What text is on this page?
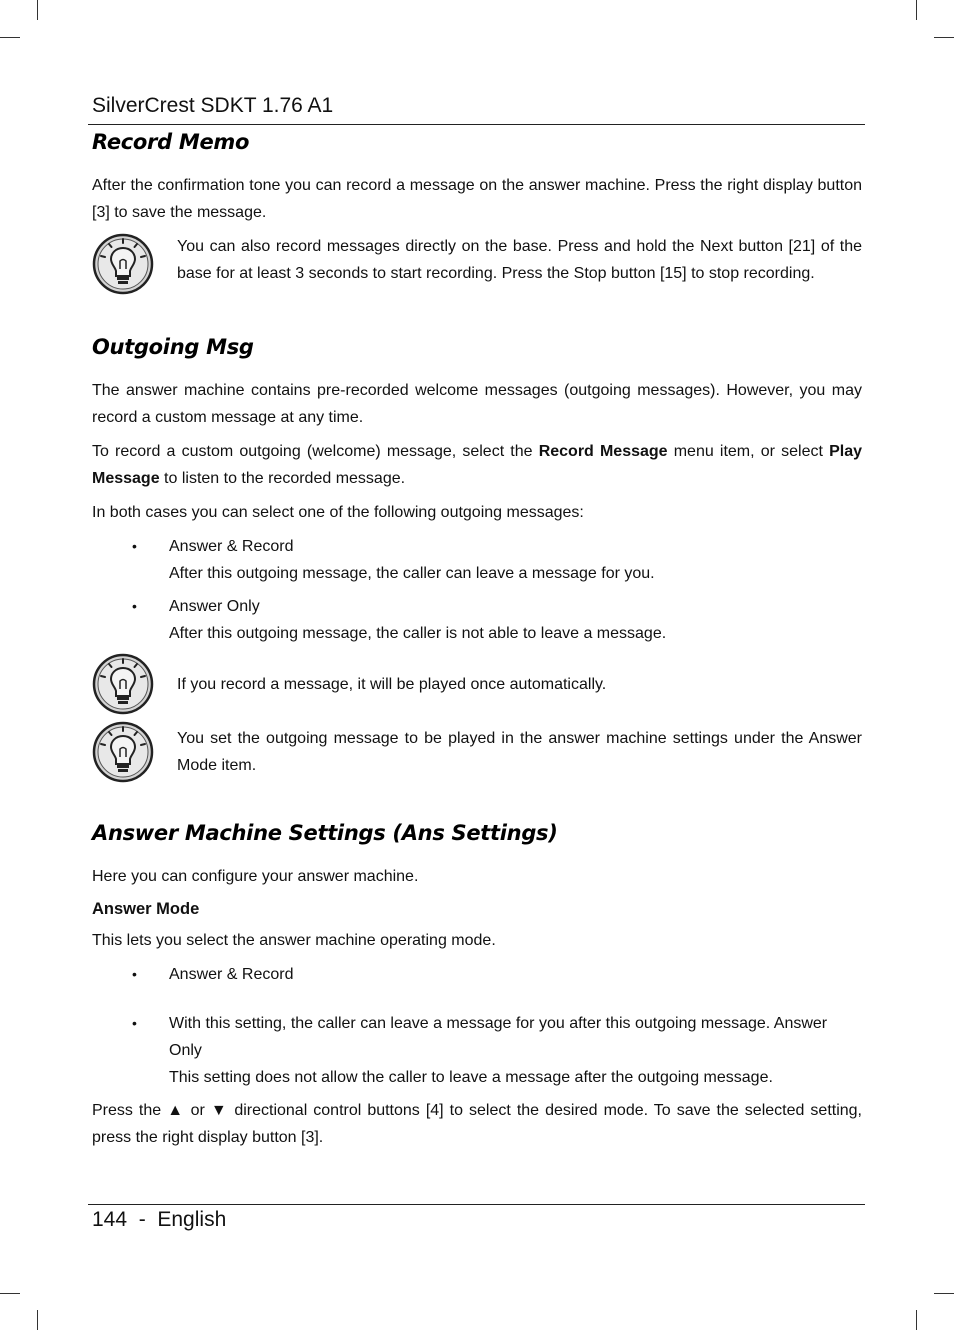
SilverCrest SDKT 1.76 A1
Record Memo

After the confirmation tone you can record a message on the answer machine. Press the right display button [3] to save the message.

You can also record messages directly on the base. Press and hold the Next button [21] of the base for at least 3 seconds to start recording. Press the Stop button [15] to stop recording.
Outgoing Msg

The answer machine contains pre-recorded welcome messages (outgoing messages). However, you may record a custom message at any time.

To record a custom outgoing (welcome) message, select the Record Message menu item, or select Play Message to listen to the recorded message.

In both cases you can select one of the following outgoing messages:

• Answer & Record
After this outgoing message, the caller can leave a message for you.
• Answer Only
After this outgoing message, the caller is not able to leave a message.
If you record a message, it will be played once automatically.
You set the outgoing message to be played in the answer machine settings under the Answer Mode item.
Answer Machine Settings (Ans Settings)

Here you can configure your answer machine.

Answer Mode

This lets you select the answer machine operating mode.

• Answer & Record
• With this setting, the caller can leave a message for you after this outgoing message. Answer Only
This setting does not allow the caller to leave a message after the outgoing message.

Press the ▲ or ▼ directional control buttons [4] to select the desired mode. To save the selected setting, press the right display button [3].

144  -  English
